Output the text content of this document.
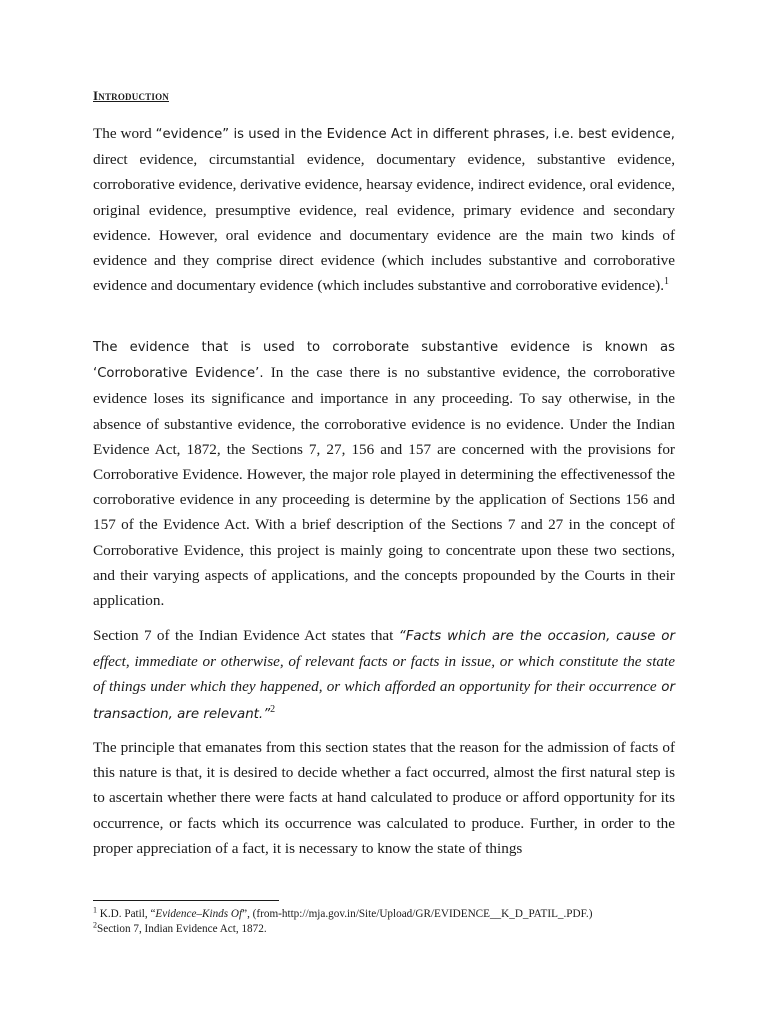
Introduction

The word “evidence” is used in the Evidence Act in different phrases, i.e. best evidence, direct evidence, circumstantial evidence, documentary evidence, substantive evidence, corroborative evidence, derivative evidence, hearsay evidence, indirect evidence, oral evidence, original evidence, presumptive evidence, real evidence, primary evidence and secondary evidence. However, oral evidence and documentary evidence are the main two kinds of evidence and they comprise direct evidence (which includes substantive and corroborative evidence and documentary evidence (which includes substantive and corroborative evidence).$^1$

The evidence that is used to corroborate substantive evidence is known as ‘Corroborative Evidence’. In the case there is no substantive evidence, the corroborative evidence loses its significance and importance in any proceeding. To say otherwise, in the absence of substantive evidence, the corroborative evidence is no evidence. Under the Indian Evidence Act, 1872, the Sections 7, 27, 156 and 157 are concerned with the provisions for Corroborative Evidence. However, the major role played in determining the effectivenessof the corroborative evidence in any proceeding is determine by the application of Sections 156 and 157 of the Evidence Act. With a brief description of the Sections 7 and 27 in the concept of Corroborative Evidence, this project is mainly going to concentrate upon these two sections, and their varying aspects of applications, and the concepts propounded by the Courts in their application.

Section 7 of the Indian Evidence Act states that “Facts which are the occasion, cause or effect, immediate or otherwise, of relevant facts or facts in issue, or which constitute the state of things under which they happened, or which afforded an opportunity for their occurrence or transaction, are relevant.”$^2$

The principle that emanates from this section states that the reason for the admission of facts of this nature is that, it is desired to decide whether a fact occurred, almost the first natural step is to ascertain whether there were facts at hand calculated to produce or afford opportunity for its occurrence, or facts which its occurrence was calculated to produce. Further, in order to the proper appreciation of a fact, it is necessary to know the state of things

$^1$ K.D. Patil, “Evidence–Kinds Of”, (from-http://mja.gov.in/Site/Upload/GR/EVIDENCE__K_D_PATIL_.PDF.)
$^2$Section 7, Indian Evidence Act, 1872.
